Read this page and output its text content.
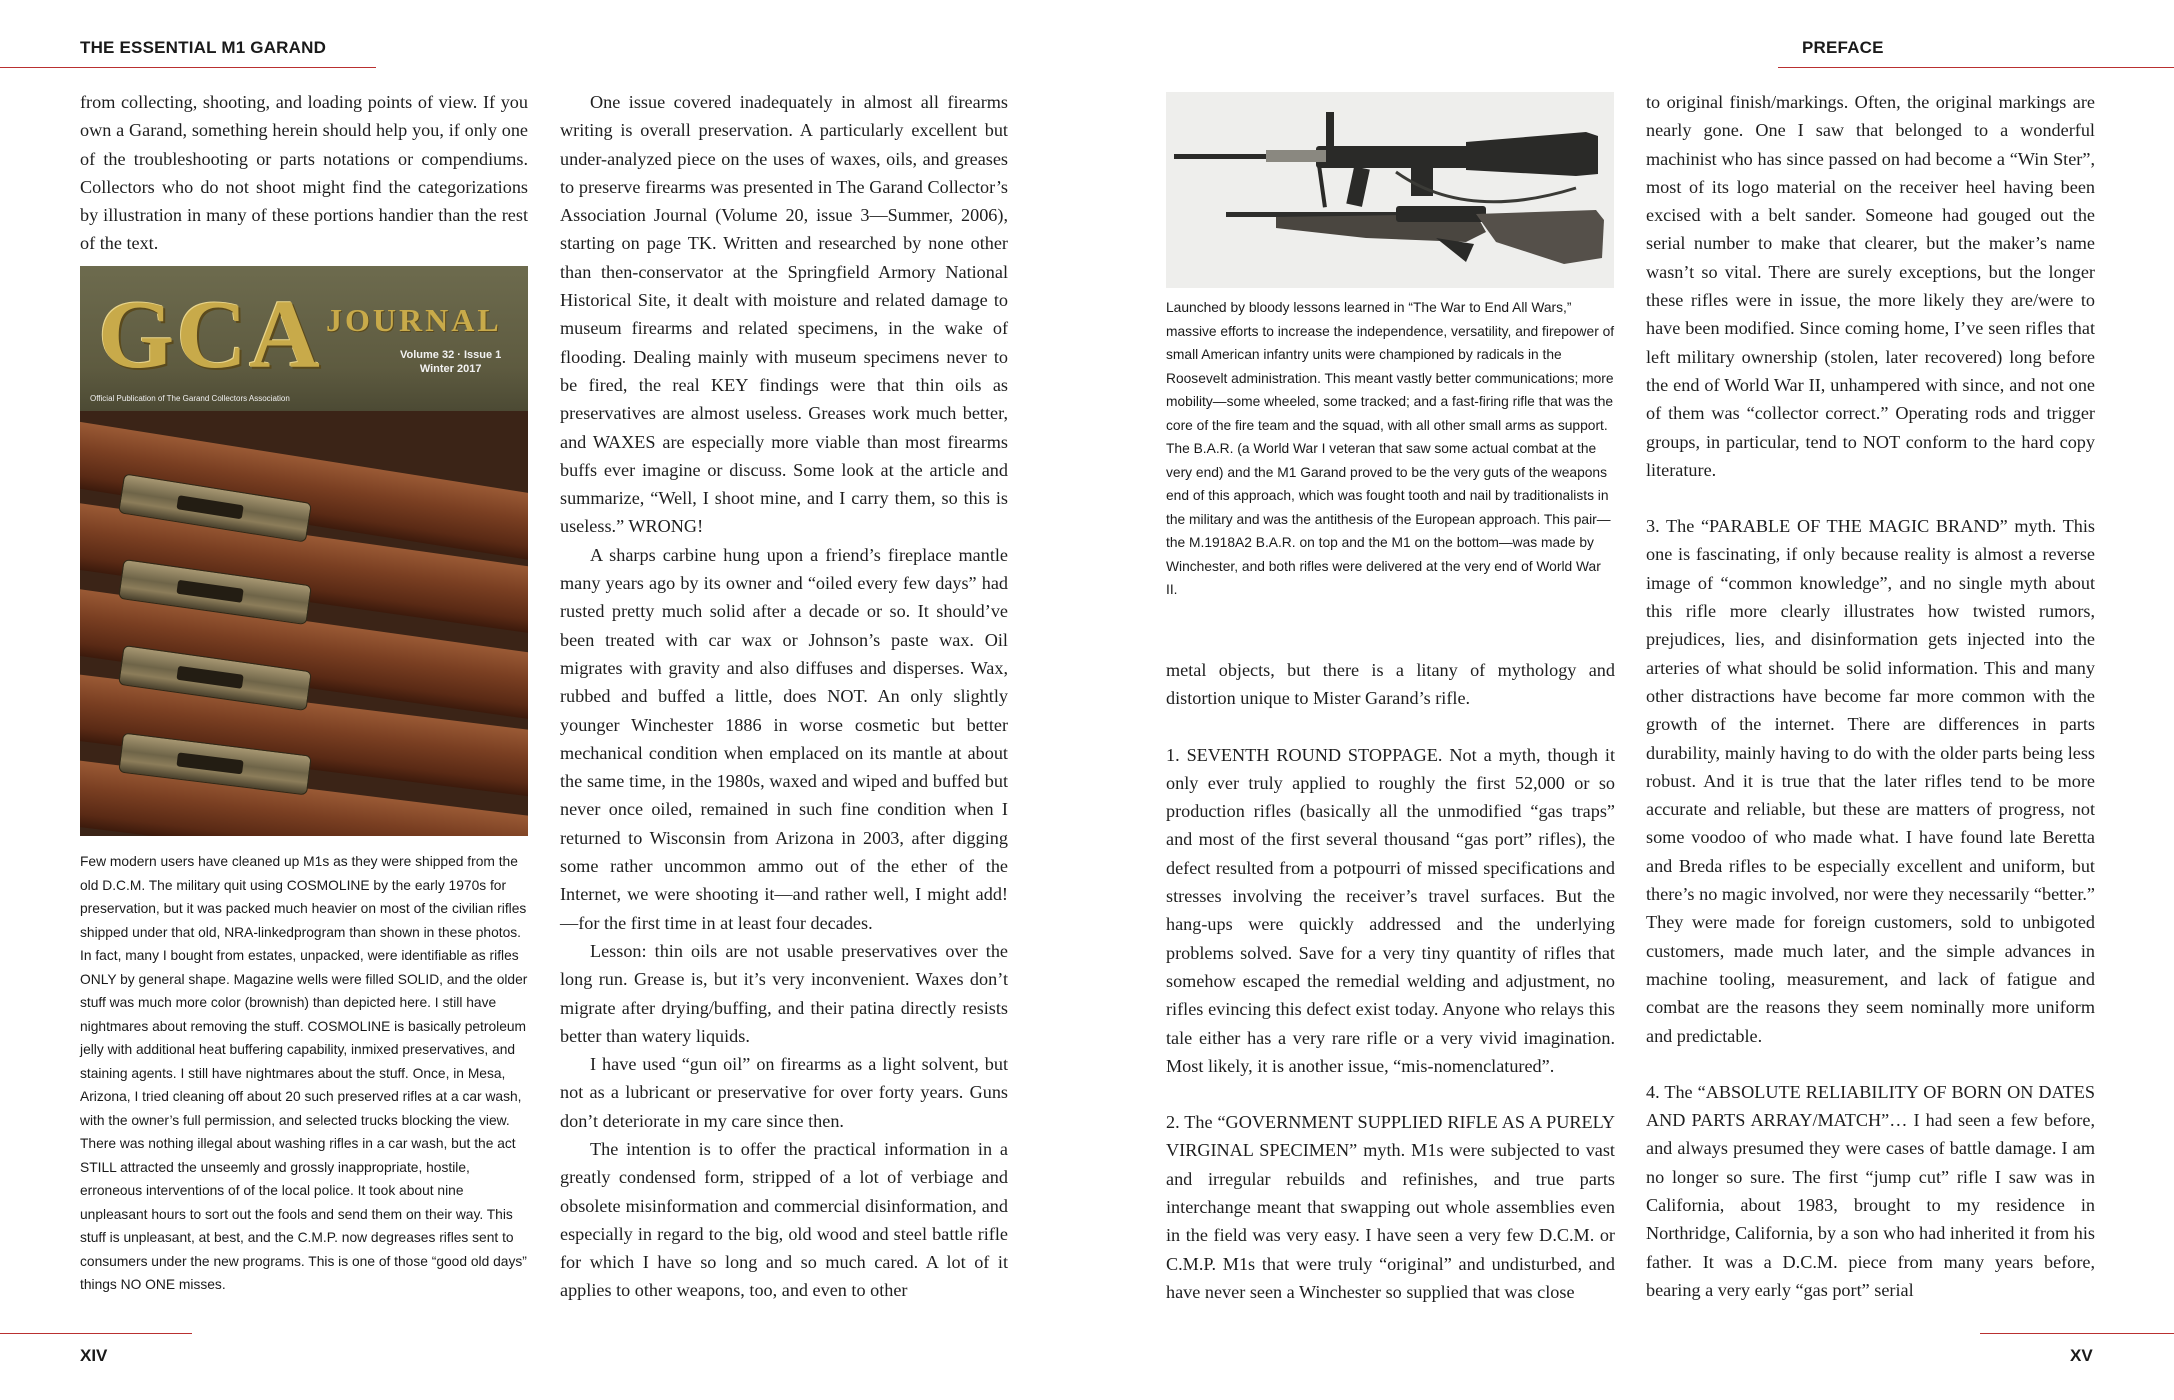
THE ESSENTIAL M1 GARAND

from collecting, shooting, and loading points of view. If you own a Garand, something herein should help you, if only one of the troubleshooting or parts notations or compendiums. Collectors who do not shoot might find the categorizations by illustration in many of these portions handier than the rest of the text.

GCA JOURNAL
Volume 32 · Issue 1
Winter 2017
Official Publication of The Garand Collectors Association
Few modern users have cleaned up M1s as they were shipped from the old D.C.M. The military quit using COSMOLINE by the early 1970s for preservation, but it was packed much heavier on most of the civilian rifles shipped under that old, NRA-linkedprogram than shown in these photos. In fact, many I bought from estates, unpacked, were identifiable as rifles ONLY by general shape. Magazine wells were filled SOLID, and the older stuff was much more color (brownish) than depicted here. I still have nightmares about removing the stuff. COSMOLINE is basically petroleum jelly with additional heat buffering capability, inmixed preservatives, and staining agents. I still have nightmares about the stuff. Once, in Mesa, Arizona, I tried cleaning off about 20 such preserved rifles at a car wash, with the owner’s full permission, and selected trucks blocking the view. There was nothing illegal about washing rifles in a car wash, but the act STILL attracted the unseemly and grossly inappropriate, hostile, erroneous interventions of of the local police. It took about nine unpleasant hours to sort out the fools and send them on their way. This stuff is unpleasant, at best, and the C.M.P. now degreases rifles sent to consumers under the new programs. This is one of those “good old days” things NO ONE misses.

One issue covered inadequately in almost all firearms writing is overall preservation. A particularly excellent but under-analyzed piece on the uses of waxes, oils, and greases to preserve firearms was presented in The Garand Collector’s Association Journal (Volume 20, issue 3—Summer, 2006), starting on page TK. Written and researched by none other than then-conservator at the Springfield Armory National Historical Site, it dealt with moisture and related damage to museum firearms and related specimens, in the wake of flooding. Dealing mainly with museum specimens never to be fired, the real KEY findings were that thin oils as preservatives are almost useless. Greases work much better, and WAXES are especially more viable than most firearms buffs ever imagine or discuss. Some look at the article and summarize, “Well, I shoot mine, and I carry them, so this is useless.” WRONG!

A sharps carbine hung upon a friend’s fireplace mantle many years ago by its owner and “oiled every few days” had rusted pretty much solid after a decade or so. It should’ve been treated with car wax or Johnson’s paste wax. Oil migrates with gravity and also diffuses and disperses. Wax, rubbed and buffed a little, does NOT. An only slightly younger Winchester 1886 in worse cosmetic but better mechanical condition when emplaced on its mantle at about the same time, in the 1980s, waxed and wiped and buffed but never once oiled, remained in such fine condition when I returned to Wisconsin from Arizona in 2003, after digging some rather uncommon ammo out of the ether of the Internet, we were shooting it—and rather well, I might add!—for the first time in at least four decades.

Lesson: thin oils are not usable preservatives over the long run. Grease is, but it’s very inconvenient. Waxes don’t migrate after drying/buffing, and their patina directly resists better than watery liquids.

I have used “gun oil” on firearms as a light solvent, but not as a lubricant or preservative for over forty years. Guns don’t deteriorate in my care since then.

The intention is to offer the practical information in a greatly condensed form, stripped of a lot of verbiage and obsolete misinformation and commercial disinformation, and especially in regard to the big, old wood and steel battle rifle for which I have so long and so much cared. A lot of it applies to other weapons, too, and even to other

XIV
PREFACE
Launched by bloody lessons learned in “The War to End All Wars,” massive efforts to increase the independence, versatility, and firepower of small American infantry units were championed by radicals in the Roosevelt administration. This meant vastly better communications; more mobility—some wheeled, some tracked; and a fast-firing rifle that was the core of the fire team and the squad, with all other small arms as support. The B.A.R. (a World War I veteran that saw some actual combat at the very end) and the M1 Garand proved to be the very guts of the weapons end of this approach, which was fought tooth and nail by traditionalists in the military and was the antithesis of the European approach. This pair—the M.1918A2 B.A.R. on top and the M1 on the bottom—was made by Winchester, and both rifles were delivered at the very end of World War II.

metal objects, but there is a litany of mythology and distortion unique to Mister Garand’s rifle.

1. SEVENTH ROUND STOPPAGE. Not a myth, though it only ever truly applied to roughly the first 52,000 or so production rifles (basically all the unmodified “gas traps” and most of the first several thousand “gas port” rifles), the defect resulted from a potpourri of missed specifications and stresses involving the receiver’s travel surfaces. But the hang-ups were quickly addressed and the underlying problems solved. Save for a very tiny quantity of rifles that somehow escaped the remedial welding and adjustment, no rifles evincing this defect exist today. Anyone who relays this tale either has a very rare rifle or a very vivid imagination. Most likely, it is another issue, “mis-nomenclatured”.

2. The “GOVERNMENT SUPPLIED RIFLE AS A PURELY VIRGINAL SPECIMEN” myth. M1s were subjected to vast and irregular rebuilds and refinishes, and true parts interchange meant that swapping out whole assemblies even in the field was very easy. I have seen a very few D.C.M. or C.M.P. M1s that were truly “original” and undisturbed, and have never seen a Winchester so supplied that was close

to original finish/markings. Often, the original markings are nearly gone. One I saw that belonged to a wonderful machinist who has since passed on had become a “Win Ster”, most of its logo material on the receiver heel having been excised with a belt sander. Someone had gouged out the serial number to make that clearer, but the maker’s name wasn’t so vital. There are surely exceptions, but the longer these rifles were in issue, the more likely they are/were to have been modified. Since coming home, I’ve seen rifles that left military ownership (stolen, later recovered) long before the end of World War II, unhampered with since, and not one of them was “collector correct.” Operating rods and trigger groups, in particular, tend to NOT conform to the hard copy literature.

3. The “PARABLE OF THE MAGIC BRAND” myth. This one is fascinating, if only because reality is almost a reverse image of “common knowledge”, and no single myth about this rifle more clearly illustrates how twisted rumors, prejudices, lies, and disinformation gets injected into the arteries of what should be solid information. This and many other distractions have become far more common with the growth of the internet. There are differences in parts durability, mainly having to do with the older parts being less robust. And it is true that the later rifles tend to be more accurate and reliable, but these are matters of progress, not some voodoo of who made what. I have found late Beretta and Breda rifles to be especially excellent and uniform, but there’s no magic involved, nor were they necessarily “better.” They were made for foreign customers, sold to unbigoted customers, made much later, and the simple advances in machine tooling, measurement, and lack of fatigue and combat are the reasons they seem nominally more uniform and predictable.

4. The “ABSOLUTE RELIABILITY OF BORN ON DATES AND PARTS ARRAY/MATCH”… I had seen a few before, and always presumed they were cases of battle damage. I am no longer so sure. The first “jump cut” rifle I saw was in California, about 1983, brought to my residence in Northridge, California, by a son who had inherited it from his father. It was a D.C.M. piece from many years before, bearing a very early “gas port” serial

XV
